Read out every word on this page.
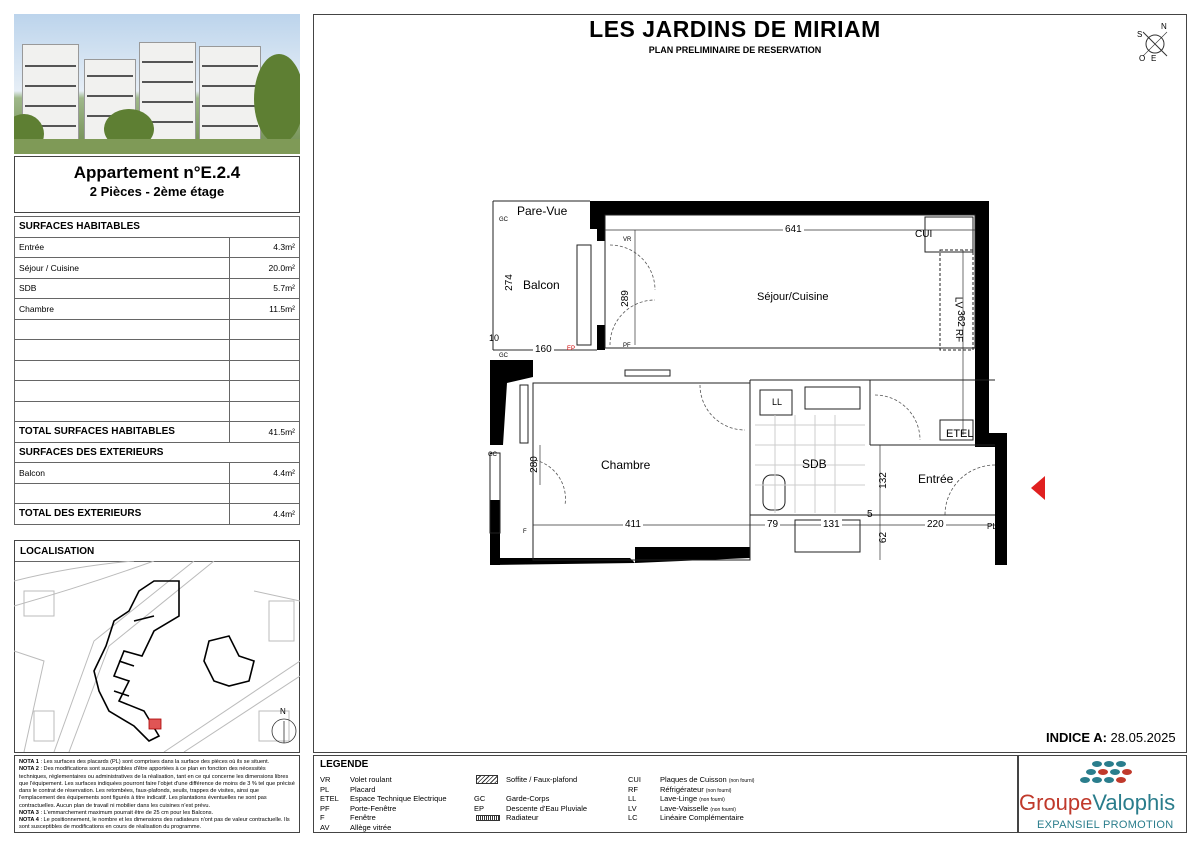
Appartement n°E.2.4
2 Pièces - 2ème étage
SURFACES HABITABLES	
Entrée	4.3m²
Séjour / Cuisine	20.0m²
SDB	5.7m²
Chambre	11.5m²

TOTAL SURFACES HABITABLES	41.5m²
SURFACES DES EXTERIEURS	
Balcon	4.4m²

TOTAL DES EXTERIEURS	4.4m²
LOCALISATION
N
NOTA 1 : Les surfaces des placards (PL) sont comprises dans la surface des pièces où ils se situent.
NOTA 2 : Des modifications sont susceptibles d'être apportées à ce plan en fonction des nécessités techniques, réglementaires ou administratives de la réalisation, tant en ce qui concerne les dimensions libres que l'équipement. Les surfaces indiquées pourront faire l'objet d'une différence de moins de 3 % tel que précisé dans le contrat de réservation. Les retombées, faux-plafonds, seuils, trappes de visites, ainsi que l'emplacement des équipements sont figurés à titre indicatif. Les plantations éventuelles ne sont pas contractuelles. Aucun plan de travail ni mobilier dans les cuisines n'est prévu.
NOTA 3 : L'emmarchement maximum pourrait être de 25 cm pour les Balcons.
NOTA 4 : Le positionnement, le nombre et les dimensions des radiateurs n'ont pas de valeur contractuelle. Ils sont susceptibles de modifications en cours de réalisation du programme.
LES JARDINS DE MIRIAM
PLAN PRELIMINAIRE DE RESERVATION
N
S
O E
Pare-Vue
Balcon
Séjour/Cuisine
Chambre	SDB
Entrée
CUI
LV
RF
LL
ETEL
GC
GC
GC
VR
PF
EP
F
PL
10
641
274
289
160
362
280
411	79	131
5
220
132
62
INDICE A: 28.05.2025
LEGENDE
VR	Volet roulant
PL	Placard
ETEL Espace Technique Electrique
PF	Porte-Fenêtre
F	Fenêtre
AV	Allège vitrée
Soffite / Faux-plafond
GC	Garde-Corps
EP	Descente d'Eau Pluviale
Radiateur
CUI	Plaques de Cuisson (non fourni)
RF	Réfrigérateur (non fourni)
LL	Lave-Linge (non fourni)
LV	Lave-Vaisselle (non fourni)
LC	Linéaire Complémentaire
GroupeValophis
EXPANSIEL PROMOTION
